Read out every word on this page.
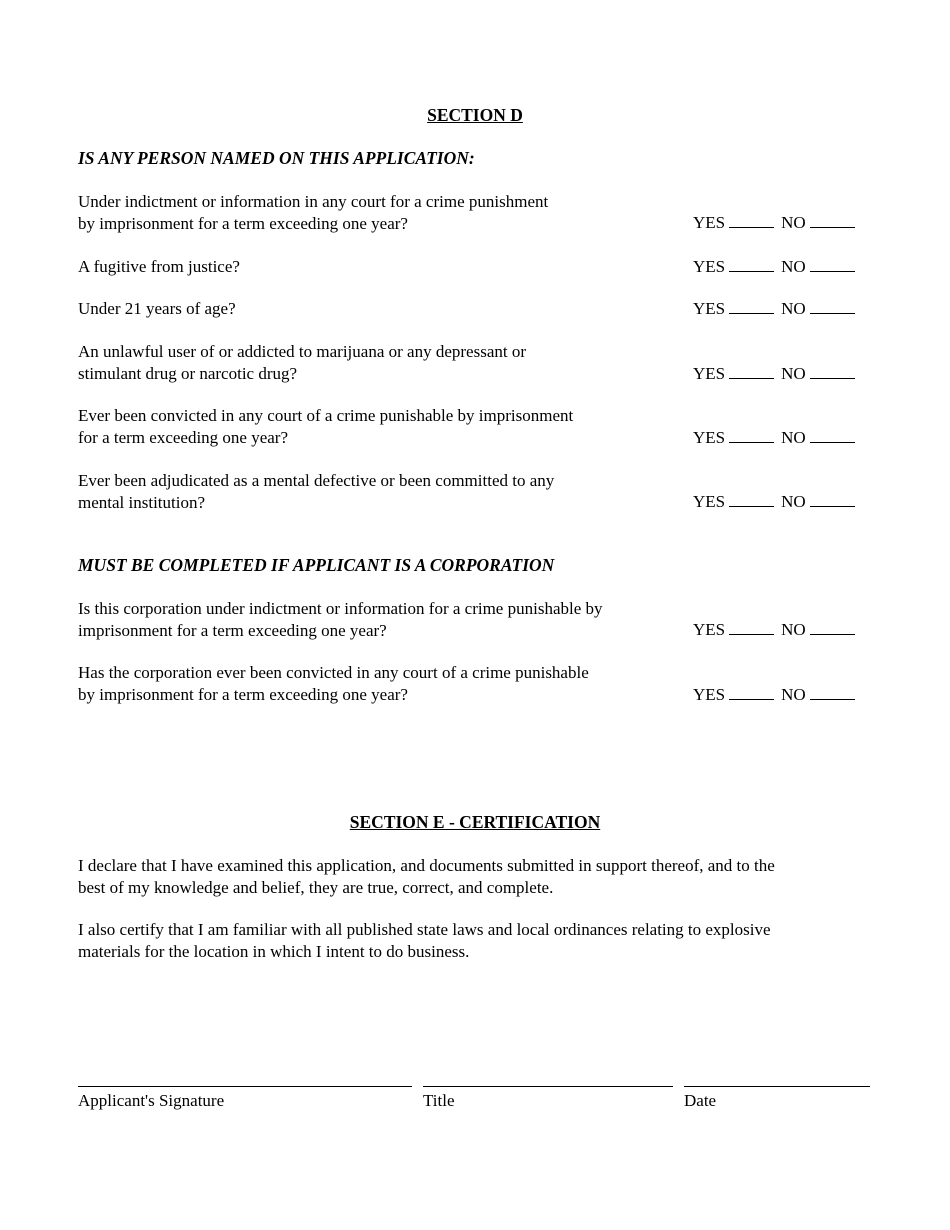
SECTION D
IS ANY PERSON NAMED ON THIS APPLICATION:
Under indictment or information in any court for a crime punishment
by imprisonment for a term exceeding one year?	YES	NO
A fugitive from justice?	YES	NO
Under 21 years of age?	YES	NO
An unlawful user of or addicted to marijuana or any depressant or
stimulant drug or narcotic drug?	YES	NO
Ever been convicted in any court of a crime punishable by imprisonment
for a term exceeding one year?	YES	NO
Ever been adjudicated as a mental defective or been committed to any
mental institution?	YES	NO
MUST BE COMPLETED IF APPLICANT IS A CORPORATION
Is this corporation under indictment or information for a crime punishable by
imprisonment for a term exceeding one year?	YES	NO
Has the corporation ever been convicted in any court of a crime punishable
by imprisonment for a term exceeding one year?	YES	NO
SECTION E - CERTIFICATION
I declare that I have examined this application, and documents submitted in support thereof, and to the
best of my knowledge and belief, they are true, correct, and complete.
I also certify that I am familiar with all published state laws and local ordinances relating to explosive
materials for the location in which I intent to do business.
Applicant's Signature	Title	Date
